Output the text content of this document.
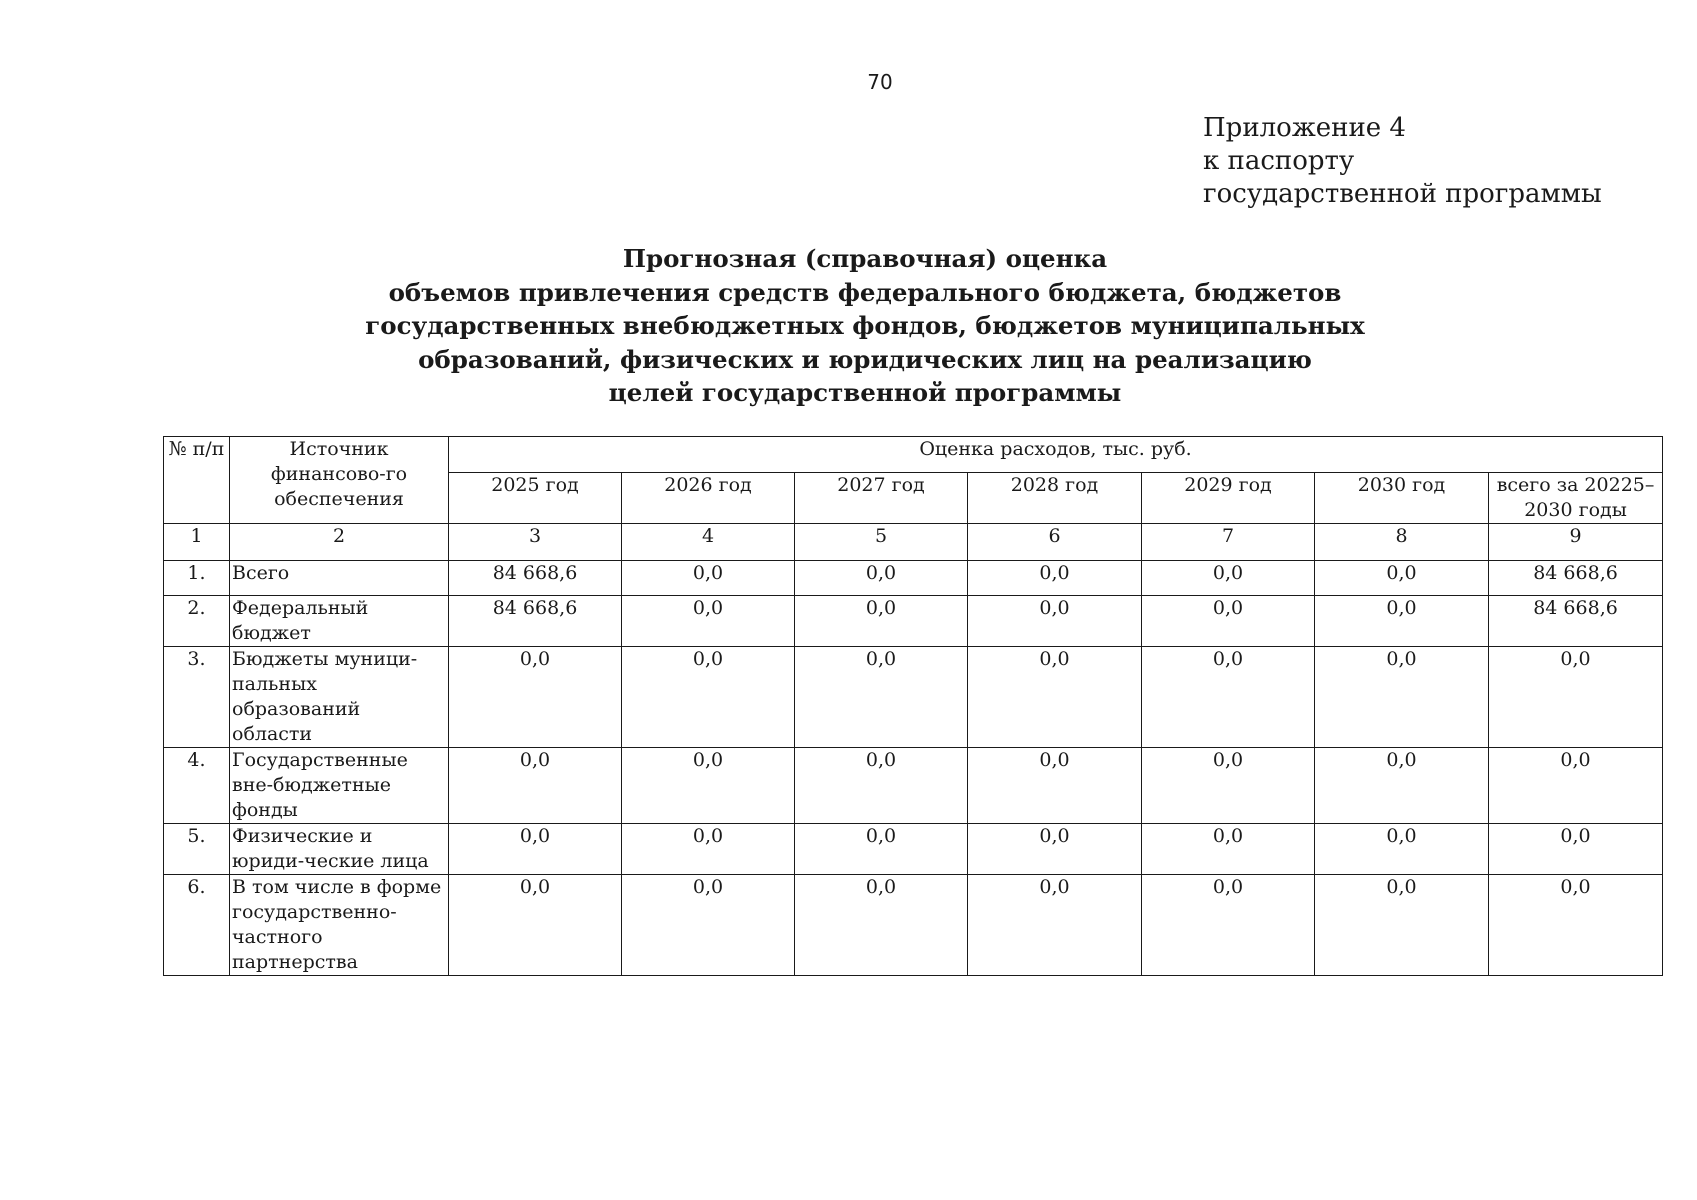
70
Приложение 4
к паспорту
государственной программы
Прогнозная (справочная) оценка
объемов привлечения средств федерального бюджета, бюджетов
государственных внебюджетных фондов, бюджетов муниципальных
образований, физических и юридических лиц на реализацию
целей государственной программы
№ п/п	Источник финансово-го обеспечения	Оценка расходов, тыс. руб.						
		2025 год	2026 год	2027 год	2028 год	2029 год	2030 год	всего за 20225–2030 годы
1	2	3	4	5	6	7	8	9
1.	Всего	84 668,6	0,0	0,0	0,0	0,0	0,0	84 668,6
2.	Федеральный бюджет	84 668,6	0,0	0,0	0,0	0,0	0,0	84 668,6
3.	Бюджеты муници-пальных образований области	0,0	0,0	0,0	0,0	0,0	0,0	0,0
4.	Государственные вне-бюджетные фонды	0,0	0,0	0,0	0,0	0,0	0,0	0,0
5.	Физические и юриди-ческие лица	0,0	0,0	0,0	0,0	0,0	0,0	0,0
6.	В том числе в форме государственно-частного партнерства	0,0	0,0	0,0	0,0	0,0	0,0	0,0
